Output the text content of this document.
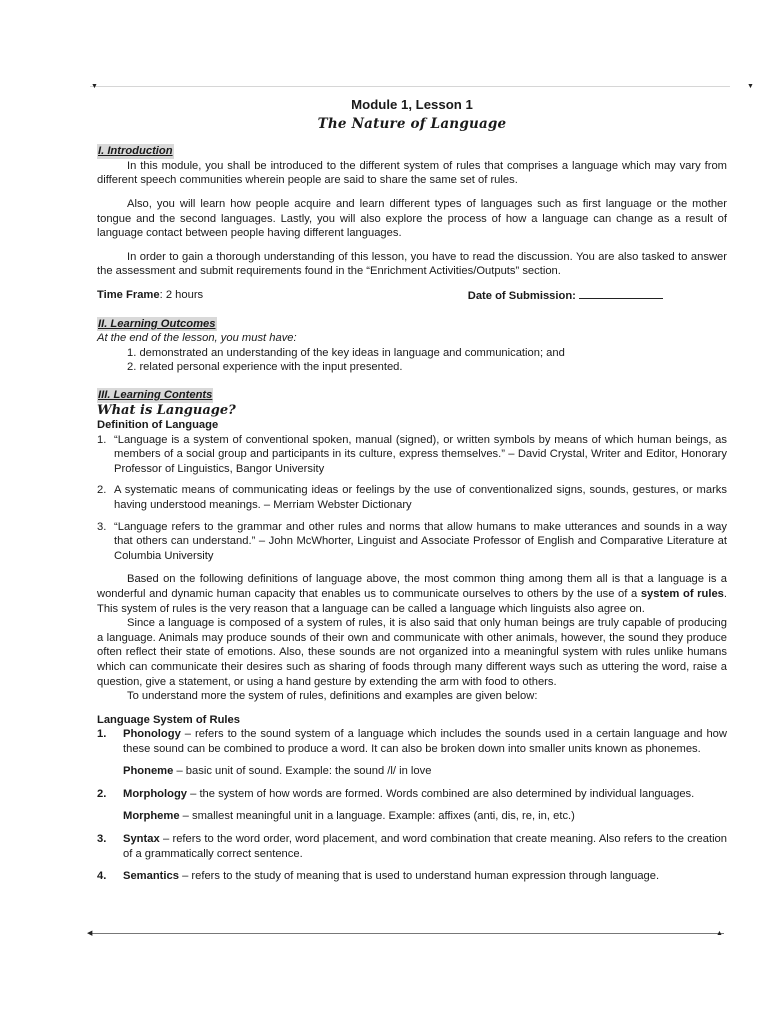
▼	▼
Module 1, Lesson 1
The Nature of Language
I. Introduction

In this module, you shall be introduced to the different system of rules that comprises a language which may vary from different speech communities wherein people are said to share the same set of rules.

Also, you will learn how people acquire and learn different types of languages such as first language or the mother tongue and the second languages. Lastly, you will also explore the process of how a language can change as a result of language contact between people having different languages.

In order to gain a thorough understanding of this lesson, you have to read the discussion. You are also tasked to answer the assessment and submit requirements found in the “Enrichment Activities/Outputs” section.

Time Frame: 2 hours	Date of Submission:
II. Learning Outcomes

At the end of the lesson, you must have:

1. demonstrated an understanding of the key ideas in language and communication; and

2. related personal experience with the input presented.

III. Learning Contents
What is Language?

Definition of Language

1. “Language is a system of conventional spoken, manual (signed), or written symbols by means of which human beings, as members of a social group and participants in its culture, express themselves.” – David Crystal, Writer and Editor, Honorary Professor of Linguistics, Bangor University
2. A systematic means of communicating ideas or feelings by the use of conventionalized signs, sounds, gestures, or marks having understood meanings. – Merriam Webster Dictionary
3. “Language refers to the grammar and other rules and norms that allow humans to make utterances and sounds in a way that others can understand.” – John McWhorter, Linguist and Associate Professor of English and Comparative Literature at Columbia University

Based on the following definitions of language above, the most common thing among them all is that a language is a wonderful and dynamic human capacity that enables us to communicate ourselves to others by the use of a system of rules. This system of rules is the very reason that a language can be called a language which linguists also agree on.

Since a language is composed of a system of rules, it is also said that only human beings are truly capable of producing a language. Animals may produce sounds of their own and communicate with other animals, however, the sound they produce often reflect their state of emotions. Also, these sounds are not organized into a meaningful system with rules unlike humans which can communicate their desires such as sharing of foods through many different ways such as uttering the word, raise a question, give a statement, or using a hand gesture by extending the arm with food to others.

To understand more the system of rules, definitions and examples are given below:

Language System of Rules

1.	Phonology – refers to the sound system of a language which includes the sounds used in a certain language and how these sound can be combined to produce a word. It can also be broken down into smaller units known as phonemes.

Phoneme – basic unit of sound. Example: the sound /l/ in love

2.	Morphology – the system of how words are formed. Words combined are also determined by individual languages.

Morpheme – smallest meaningful unit in a language. Example: affixes (anti, dis, re, in, etc.)

3.	Syntax – refers to the word order, word placement, and word combination that create meaning. Also refers to the creation of a grammatically correct sentence.
4.	Semantics – refers to the study of meaning that is used to understand human expression through language.
◀	▲
